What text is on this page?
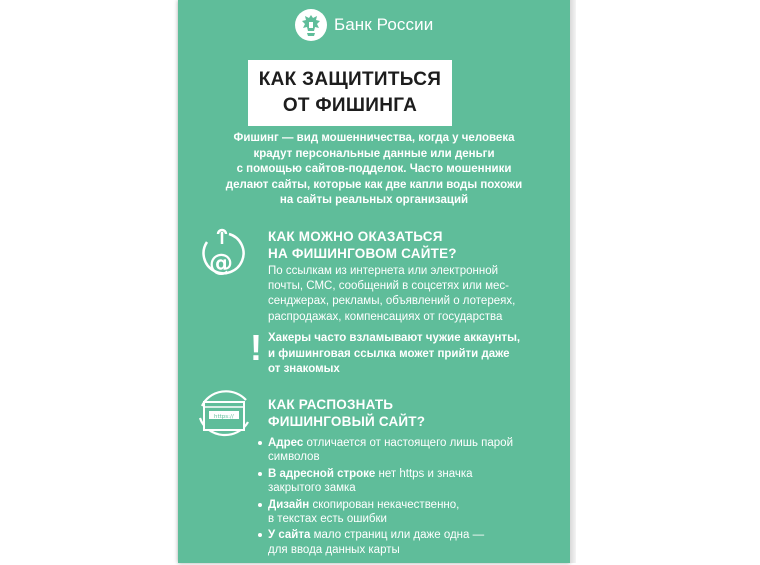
Банк России
КАК ЗАЩИТИТЬСЯ
ОТ ФИШИНГА
Фишинг — вид мошенничества, когда у человека
крадут персональные данные или деньги
с помощью сайтов-подделок. Часто мошенники
делают сайты, которые как две капли воды похожи
на сайты реальных организаций
@
КАК МОЖНО ОКАЗАТЬСЯ
НА ФИШИНГОВОМ САЙТЕ?
По ссылкам из интернета или электронной
почты, СМС, сообщений в соцсетях или мес-
сенджерах, рекламы, объявлений о лотереях,
распродажах, компенсациях от государства
! Хакеры часто взламывают чужие аккаунты,
и фишинговая ссылка может прийти даже
от знакомых
https://
КАК РАСПОЗНАТЬ
ФИШИНГОВЫЙ САЙТ?
Адрес отличается от настоящего лишь парой
символов
В адресной строке нет https и значка
закрытого замка
Дизайн скопирован некачественно,
в текстах есть ошибки
У сайта мало страниц или даже одна —
для ввода данных карты
